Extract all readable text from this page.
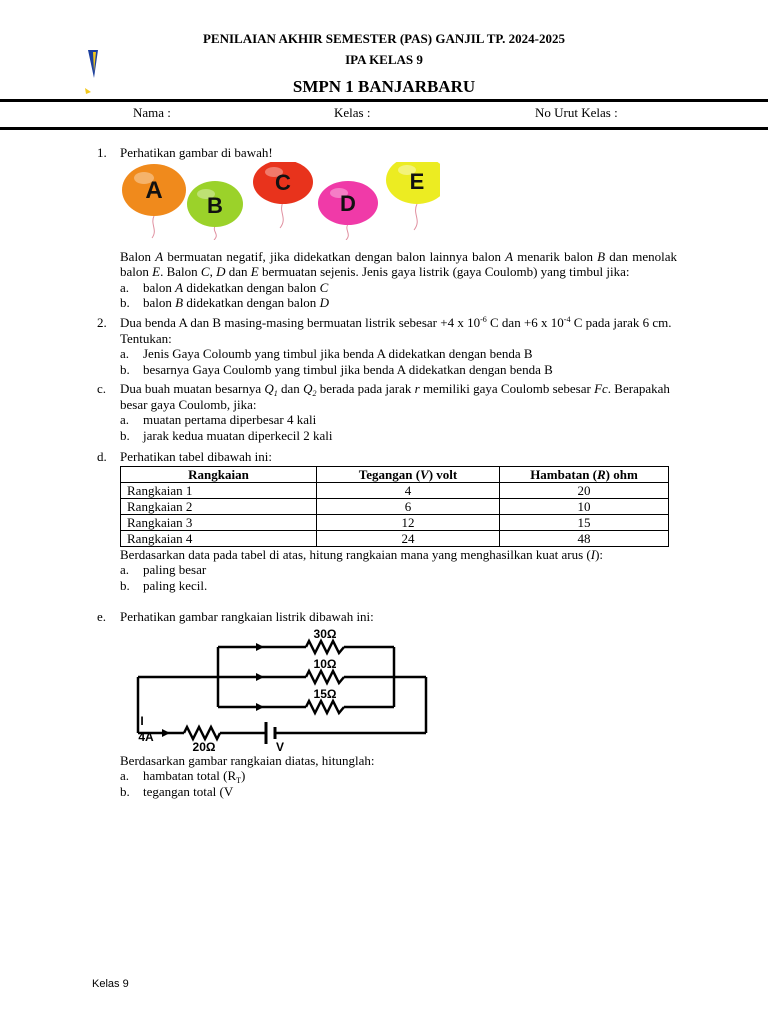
PENILAIAN AKHIR SEMESTER (PAS) GANJIL TP. 2024-2025
IPA KELAS 9
SMPN 1 BANJARBARU
Nama :	Kelas :	No Urut Kelas :
1.	Perhatikan gambar di bawah!
A
B
C
D
E
Balon A bermuatan negatif, jika didekatkan dengan balon lainnya balon A menarik balon B dan menolak balon E. Balon C, D dan E bermuatan sejenis. Jenis gaya listrik (gaya Coulomb) yang timbul jika:
a. balon A didekatkan dengan balon C
b. balon B didekatkan dengan balon D
2.	Dua benda A dan B masing-masing bermuatan listrik sebesar +4 x $10^{-6}$ C dan +6 x $10^{-4}$ C pada jarak 6 cm. Tentukan:
a. Jenis Gaya Coloumb yang timbul jika benda A didekatkan dengan benda B
b. besarnya Gaya Coulomb yang timbul jika benda A didekatkan dengan benda B
c.	Dua buah muatan besarnya $Q_1$ dan $Q_2$ berada pada jarak r memiliki gaya Coulomb sebesar Fc. Berapakah besar gaya Coulomb, jika:
a. muatan pertama diperbesar 4 kali
b. jarak kedua muatan diperkecil 2 kali
d.	Perhatikan tabel dibawah ini:
Rangkaian	Tegangan (V) volt	Hambatan (R) ohm
Rangkaian 1	4	20
Rangkaian 2	6	10
Rangkaian 3	12	15
Rangkaian 4	24	48
Berdasarkan data pada tabel di atas, hitung rangkaian mana yang menghasilkan kuat arus (I):
a. paling besar
b. paling kecil.
e.	Perhatikan gambar rangkaian listrik dibawah ini:
30Ω
10Ω
15Ω
20Ω
I
4A
V
Berdasarkan gambar rangkaian diatas, hitunglah:
a. hambatan total $(R_T)$
b. tegangan total (V
Kelas 9
